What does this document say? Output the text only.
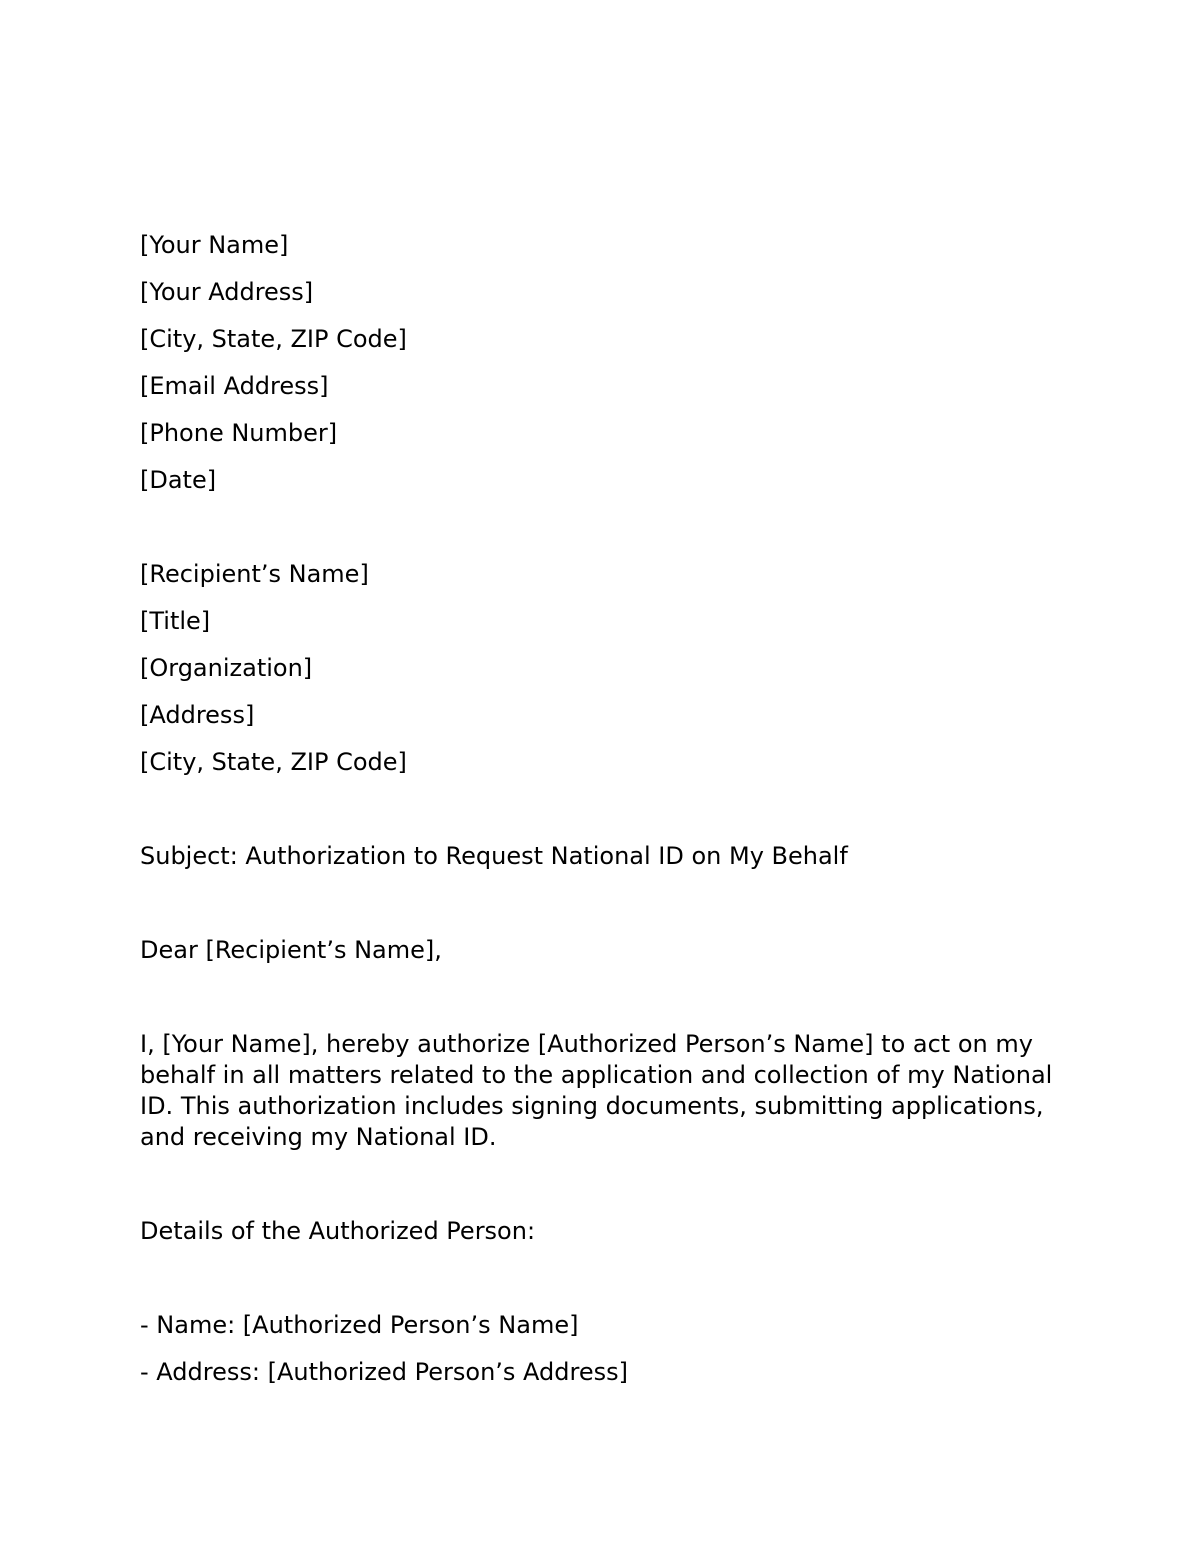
[Your Name]

[Your Address]

[City, State, ZIP Code]

[Email Address]

[Phone Number]

[Date]

[Recipient’s Name]

[Title]

[Organization]

[Address]

[City, State, ZIP Code]

Subject: Authorization to Request National ID on My Behalf

Dear [Recipient’s Name],

I, [Your Name], hereby authorize [Authorized Person’s Name] to act on my behalf in all matters related to the application and collection of my National ID. This authorization includes signing documents, submitting applications, and receiving my National ID.

Details of the Authorized Person:

- Name: [Authorized Person’s Name]

- Address: [Authorized Person’s Address]
